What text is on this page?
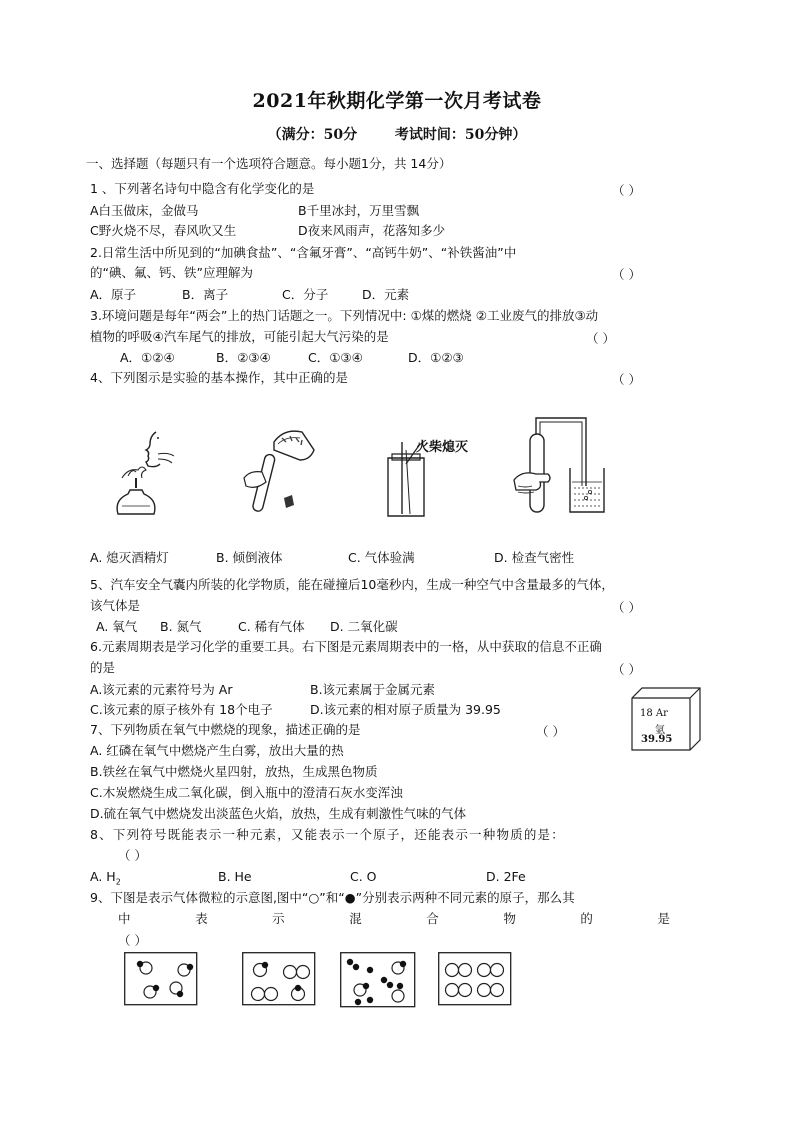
2021年秋期化学第一次月考试卷
（满分：50分	考试时间：50分钟）
一、选择题（每题只有一个选项符合题意。每小题1分，共 14分）
1 、下列著名诗句中隐含有化学变化的是	（ ）
A白玉做床，金做马	B千里冰封，万里雪飘
C野火烧不尽，春风吹又生	D夜来风雨声，花落知多少
2.日常生活中所见到的“加碘食盐”、“含氟牙膏”、“高钙牛奶”、“补铁酱油”中
的“碘、氟、钙、铁”应理解为	（ ）
A．原子	B．离子	C．分子	D．元素
3.环境问题是每年“两会”上的热门话题之一。下列情况中: ①煤的燃烧 ②工业废气的排放③动
植物的呼吸④汽车尾气的排放，可能引起大气污染的是	（ ）
A．①②④	B．②③④	C．①③④	D．①②③
4、下列图示是实验的基本操作，其中正确的是	（ ）
火柴熄灭
A. 熄灭酒精灯	B. 倾倒液体	C. 气体验满	D. 检查气密性
5、汽车安全气囊内所装的化学物质，能在碰撞后10毫秒内，生成一种空气中含量最多的气体，
该气体是	（ ）
A. 氧气 B. 氮气	C. 稀有气体 D. 二氧化碳
6.元素周期表是学习化学的重要工具。右下图是元素周期表中的一格，从中获取的信息不正确
的是	（ ）
A.该元素的元素符号为 Ar	B.该元素属于金属元素
C.该元素的原子核外有 18个电子	D.该元素的相对原子质量为 39.95	18 Ar
氩
39.95
7、下列物质在氧气中燃烧的现象，描述正确的是	（ ）
A. 红磷在氧气中燃烧产生白雾，放出大量的热
B.铁丝在氧气中燃烧火星四射，放热，生成黑色物质
C.木炭燃烧生成二氧化碳，倒入瓶中的澄清石灰水变浑浊
D.硫在氧气中燃烧发出淡蓝色火焰，放热，生成有刺激性气味的气体
8、下列符号既能表示一种元素，又能表示一个原子，还能表示一种物质的是：
（ ）
A. $H_2$	B. He	C. O	D. 2Fe
9、下图是表示气体微粒的示意图,图中“○”和“●”分别表示两种不同元素的原子，那么其
中	表	示	混	合	物	的	是
（ ）
